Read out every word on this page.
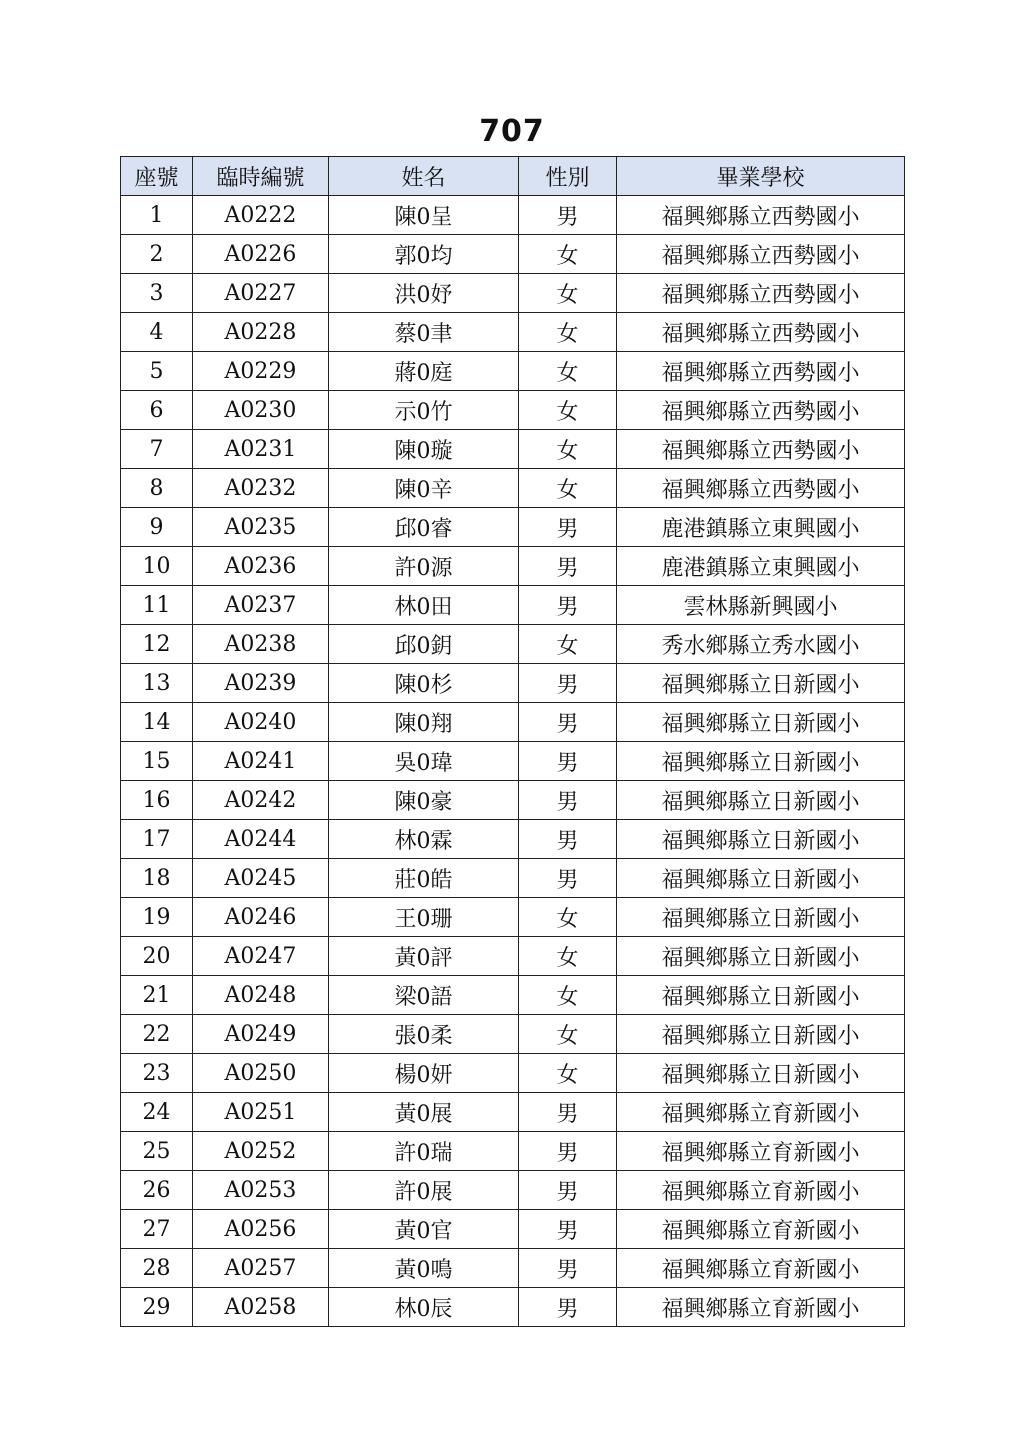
707
座號	臨時編號	姓名	性別	畢業學校
1	A0222	陳0呈	男	福興鄉縣立西勢國小
2	A0226	郭0均	女	福興鄉縣立西勢國小
3	A0227	洪0妤	女	福興鄉縣立西勢國小
4	A0228	蔡0聿	女	福興鄉縣立西勢國小
5	A0229	蔣0庭	女	福興鄉縣立西勢國小
6	A0230	示0竹	女	福興鄉縣立西勢國小
7	A0231	陳0璇	女	福興鄉縣立西勢國小
8	A0232	陳0辛	女	福興鄉縣立西勢國小
9	A0235	邱0睿	男	鹿港鎮縣立東興國小
10	A0236	許0源	男	鹿港鎮縣立東興國小
11	A0237	林0田	男	雲林縣新興國小
12	A0238	邱0鈅	女	秀水鄉縣立秀水國小
13	A0239	陳0杉	男	福興鄉縣立日新國小
14	A0240	陳0翔	男	福興鄉縣立日新國小
15	A0241	吳0瑋	男	福興鄉縣立日新國小
16	A0242	陳0豪	男	福興鄉縣立日新國小
17	A0244	林0霖	男	福興鄉縣立日新國小
18	A0245	莊0皓	男	福興鄉縣立日新國小
19	A0246	王0珊	女	福興鄉縣立日新國小
20	A0247	黃0評	女	福興鄉縣立日新國小
21	A0248	梁0語	女	福興鄉縣立日新國小
22	A0249	張0柔	女	福興鄉縣立日新國小
23	A0250	楊0妍	女	福興鄉縣立日新國小
24	A0251	黃0展	男	福興鄉縣立育新國小
25	A0252	許0瑞	男	福興鄉縣立育新國小
26	A0253	許0展	男	福興鄉縣立育新國小
27	A0256	黃0官	男	福興鄉縣立育新國小
28	A0257	黃0鳴	男	福興鄉縣立育新國小
29	A0258	林0辰	男	福興鄉縣立育新國小
